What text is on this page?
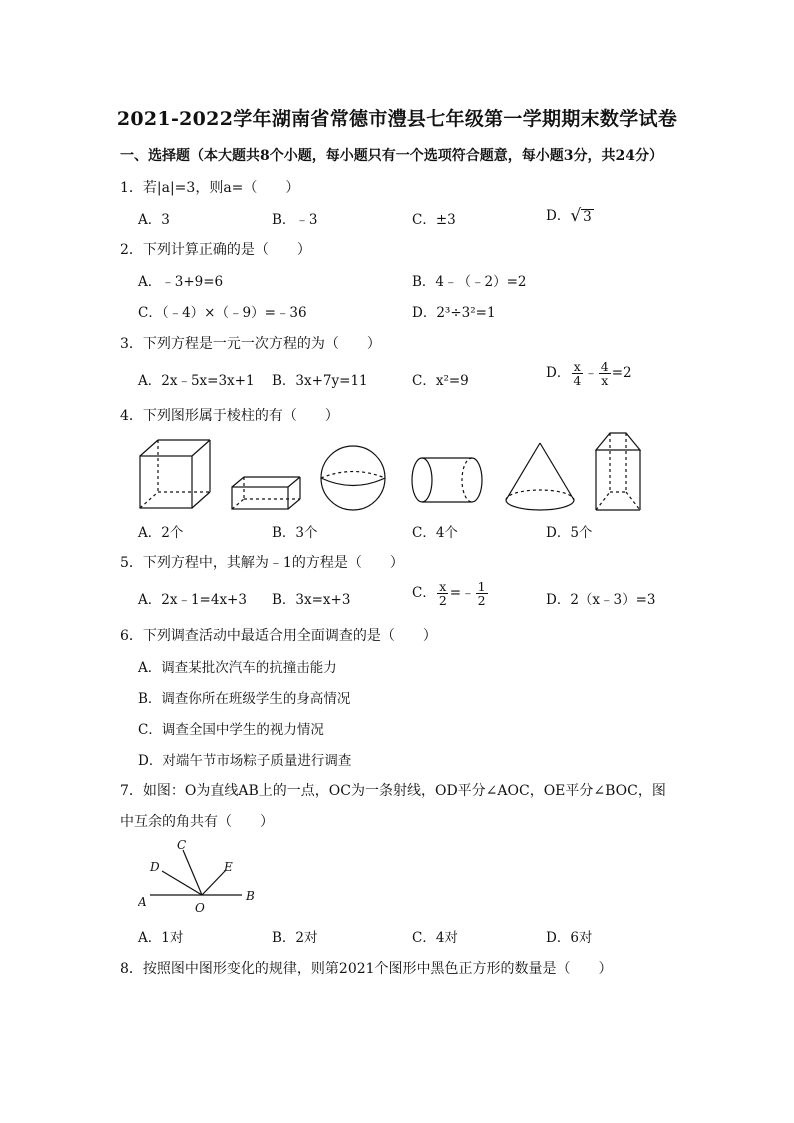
2021-2022学年湖南省常德市澧县七年级第一学期期末数学试卷
一、选择题（本大题共8个小题，每小题只有一个选项符合题意，每小题3分，共24分）
1．若|a|=3，则a=（　　）
A．3	B．﹣3	C．±3	D． √ 3
2．下列计算正确的是（　　）
A．﹣3+9=6	B．4﹣（﹣2）=2
C．（﹣4）×（﹣9）=﹣36	D．2³÷3²=1
3．下列方程是一元一次方程的为（　　）
A．2x﹣5x=3x+1 B．3x+7y=11	C．x²=9	D． $\frac{x}{4}$ ﹣ $\frac{4}{x} =2$
4．下列图形属于棱柱的有（　　）
A．2个	B．3个	C．4个	D．5个
5．下列方程中，其解为﹣1的方程是（　　）
A．2x﹣1=4x+3 B．3x=x+3	C． $\frac{x}{2}$ =﹣ $\frac{1}{2}$	D．2（x﹣3）=3
6．下列调查活动中最适合用全面调查的是（　　）
A．调查某批次汽车的抗撞击能力
B．调查你所在班级学生的身高情况
C．调查全国中学生的视力情况
D．对端午节市场粽子质量进行调查
7．如图：O为直线AB上的一点，OC为一条射线，OD平分∠AOC，OE平分∠BOC，图
中互余的角共有（　　）
A	B
C
D	E
O
A．1对	B．2对	C．4对	D．6对
8．按照图中图形变化的规律，则第2021个图形中黑色正方形的数量是（　　）
